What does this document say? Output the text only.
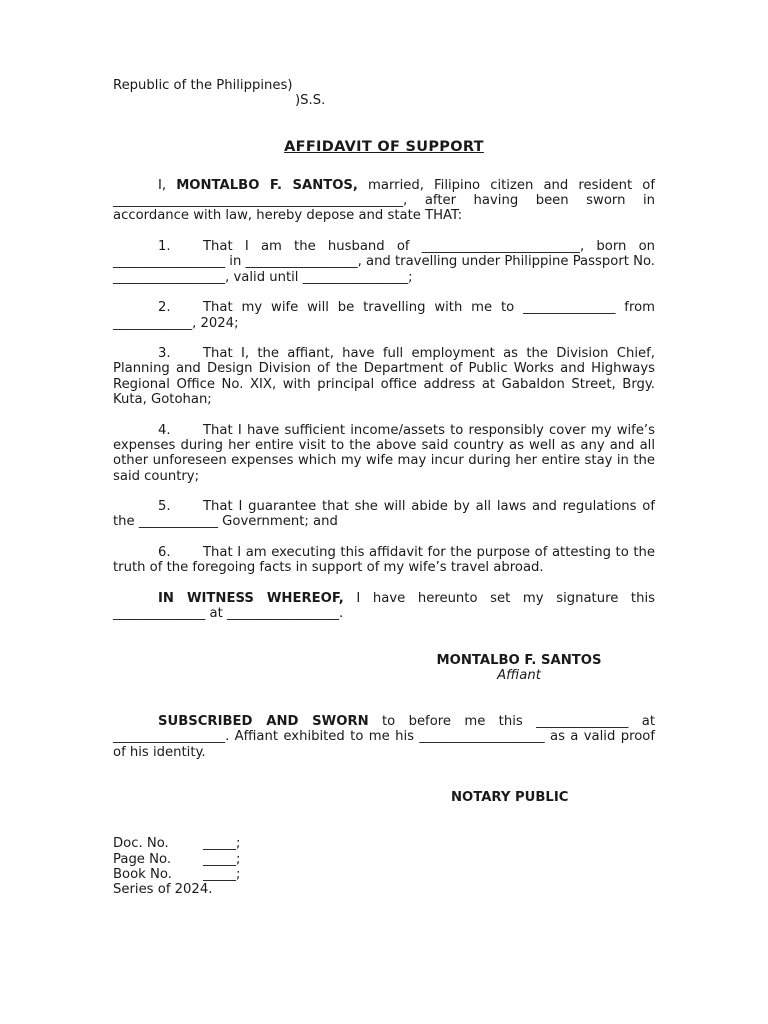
Republic of the Philippines)
)S.S.
AFFIDAVIT OF SUPPORT

I, MONTALBO F. SANTOS, married, Filipino citizen and resident of ____________________________________________, after having been sworn in accordance with law, hereby depose and state THAT:

1. That I am the husband of ________________________, born on _________________ in _________________, and travelling under Philippine Passport No. _________________, valid until ________________;

2. That my wife will be travelling with me to ______________ from ____________, 2024;

3. That I, the affiant, have full employment as the Division Chief, Planning and Design Division of the Department of Public Works and Highways Regional Office No. XIX, with principal office address at Gabaldon Street, Brgy. Kuta, Gotohan;

4. That I have sufficient income/assets to responsibly cover my wife’s expenses during her entire visit to the above said country as well as any and all other unforeseen expenses which my wife may incur during her entire stay in the said country;

5. That I guarantee that she will abide by all laws and regulations of the ____________ Government; and

6. That I am executing this affidavit for the purpose of attesting to the truth of the foregoing facts in support of my wife’s travel abroad.

IN WITNESS WHEREOF, I have hereunto set my signature this ______________ at _________________.

MONTALBO F. SANTOS
Affiant

SUBSCRIBED AND SWORN to before me this ______________ at _________________. Affiant exhibited to me his ___________________ as a valid proof of his identity.

NOTARY PUBLIC
Doc. No.	_____;
Page No. _____;
Book No. _____;
Series of 2024.
